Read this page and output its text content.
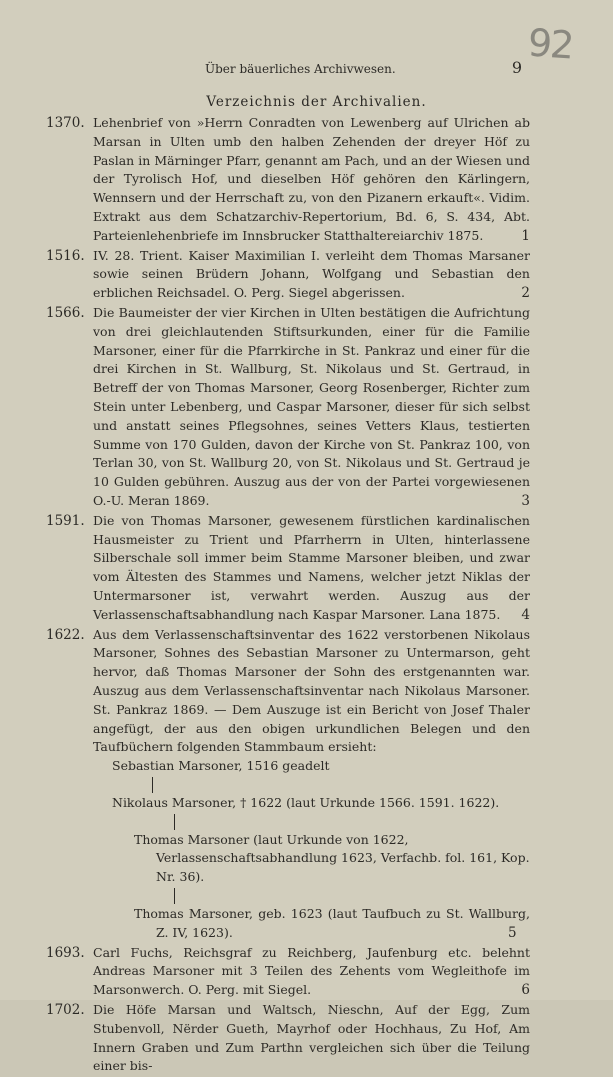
92
Über bäuerliches Archivwesen.	9
Verzeichnis der Archivalien.
1370. Lehenbrief von »Herrn Conradten von Lewenberg auf Ulrichen ab Marsan in Ulten umb den halben Zehenden der dreyer Höf zu Paslan in Märninger Pfarr, genannt am Pach, und an der Wiesen und der Tyrolisch Hof, und dieselben Höf gehören den Kärlingern, Wennsern und der Herrschaft zu, von den Pizanern erkauft«. Vidim. Extrakt aus dem Schatzarchiv-Repertorium, Bd. 6, S. 434, Abt. Parteienlehenbriefe im Innsbrucker Statthaltereiarchiv 1875.	1
1516. IV. 28. Trient. Kaiser Maximilian I. verleiht dem Thomas Marsaner sowie seinen Brüdern Johann, Wolfgang und Sebastian den erblichen Reichsadel. O. Perg. Siegel abgerissen.	2
1566. Die Baumeister der vier Kirchen in Ulten bestätigen die Aufrichtung von drei gleichlautenden Stiftsurkunden, einer für die Familie Marsoner, einer für die Pfarrkirche in St. Pankraz und einer für die drei Kirchen in St. Wallburg, St. Nikolaus und St. Gertraud, in Betreff der von Thomas Marsoner, Georg Rosenberger, Richter zum Stein unter Lebenberg, und Caspar Marsoner, dieser für sich selbst und anstatt seines Pflegsohnes, seines Vetters Klaus, testierten Summe von 170 Gulden, davon der Kirche von St. Pankraz 100, von Terlan 30, von St. Wallburg 20, von St. Nikolaus und St. Gertraud je 10 Gulden gebühren. Auszug aus der von der Partei vorgewiesenen O.-U. Meran 1869.	3
1591. Die von Thomas Marsoner, gewesenem fürstlichen kardinalischen Hausmeister zu Trient und Pfarrherrn in Ulten, hinterlassene Silberschale soll immer beim Stamme Marsoner bleiben, und zwar vom Ältesten des Stammes und Namens, welcher jetzt Niklas der Untermarsoner ist, verwahrt werden. Auszug aus der Verlassenschaftsabhandlung nach Kaspar Marsoner. Lana 1875. 4
1622. Aus dem Verlassenschaftsinventar des 1622 verstorbenen Nikolaus Marsoner, Sohnes des Sebastian Marsoner zu Untermarson, geht hervor, daß Thomas Marsoner der Sohn des erstgenannten war. Auszug aus dem Verlassenschaftsinventar nach Nikolaus Marsoner. St. Pankraz 1869. — Dem Auszuge ist ein Bericht von Josef Thaler angefügt, der aus den obigen urkundlichen Belegen und den Taufbüchern folgenden Stammbaum ersieht:
Sebastian Marsoner, 1516 geadelt
Nikolaus Marsoner, † 1622 (laut Urkunde 1566. 1591. 1622).
Thomas Marsoner (laut Urkunde von 1622, Verlassenschaftsabhandlung 1623, Verfachb. fol. 161, Kop. Nr. 36).
Thomas Marsoner, geb. 1623 (laut Taufbuch zu St. Wallburg, Z. IV, 1623).	5
1693. Carl Fuchs, Reichsgraf zu Reichberg, Jaufenburg etc. belehnt Andreas Marsoner mit 3 Teilen des Zehents vom Wegleithofe im Marsonwerch. O. Perg. mit Siegel.	6
1702. Die Höfe Marsan und Waltsch, Nieschn, Auf der Egg, Zum Stubenvoll, Nërder Gueth, Mayrhof oder Hochhaus, Zu Hof, Am Innern Graben und Zum Parthn vergleichen sich über die Teilung einer bis-
